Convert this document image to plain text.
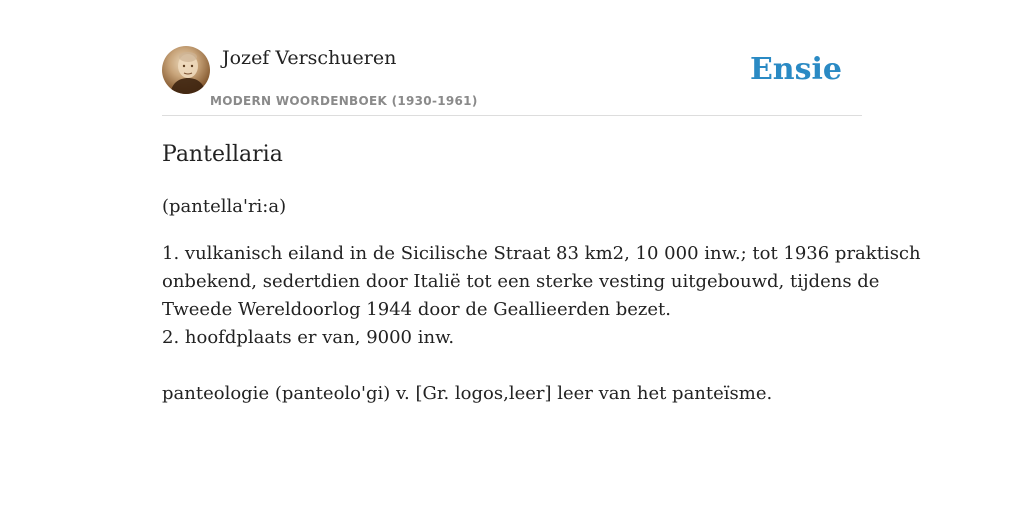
Jozef Verschueren
MODERN WOORDENBOEK (1930-1961)
Ensie
Pantellaria
(pantella'ri:a)
1. vulkanisch eiland in de Sicilische Straat 83 km2, 10 000 inw.; tot 1936 praktisch
onbekend, sedertdien door Italië tot een sterke vesting uitgebouwd, tijdens de
Tweede Wereldoorlog 1944 door de Geallieerden bezet.
2. hoofdplaats er van, 9000 inw.
panteologie (panteolo'gi) v. [Gr. logos,leer] leer van het panteïsme.
